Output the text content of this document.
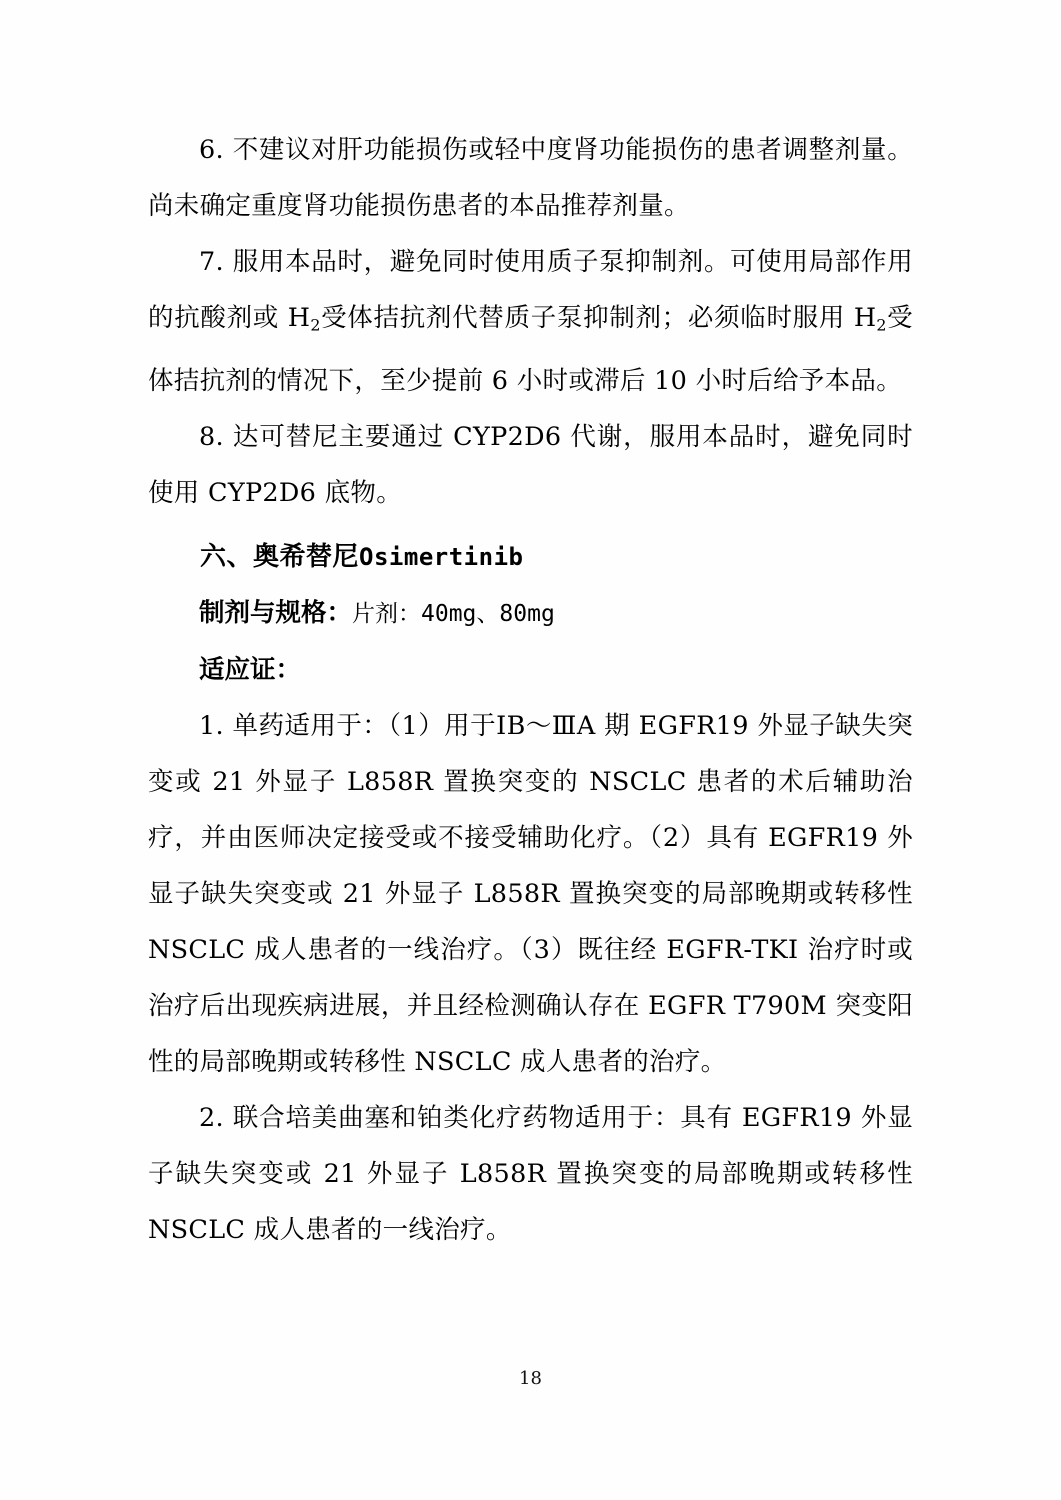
6. 不建议对肝功能损伤或轻中度肾功能损伤的患者调整剂量。尚未确定重度肾功能损伤患者的本品推荐剂量。

7. 服用本品时，避免同时使用质子泵抑制剂。可使用局部作用的抗酸剂或 $H_2$受体拮抗剂代替质子泵抑制剂；必须临时服用 $H_2$受体拮抗剂的情况下，至少提前 6 小时或滞后 10 小时后给予本品。

8. 达可替尼主要通过 CYP2D6 代谢，服用本品时，避免同时使用 CYP2D6 底物。

六、奥希替尼Osimertinib

制剂与规格：片剂：40mg、80mg

适应证：

1. 单药适用于：（1）用于ⅠB～ⅢA 期 EGFR19 外显子缺失突变或 21 外显子 L858R 置换突变的 NSCLC 患者的术后辅助治疗，并由医师决定接受或不接受辅助化疗。（2）具有 EGFR19 外显子缺失突变或 21 外显子 L858R 置换突变的局部晚期或转移性 NSCLC 成人患者的一线治疗。（3）既往经 EGFR-TKI 治疗时或治疗后出现疾病进展，并且经检测确认存在 EGFR T790M 突变阳性的局部晚期或转移性 NSCLC 成人患者的治疗。

2. 联合培美曲塞和铂类化疗药物适用于：具有 EGFR19 外显子缺失突变或 21 外显子 L858R 置换突变的局部晚期或转移性 NSCLC 成人患者的一线治疗。

18
